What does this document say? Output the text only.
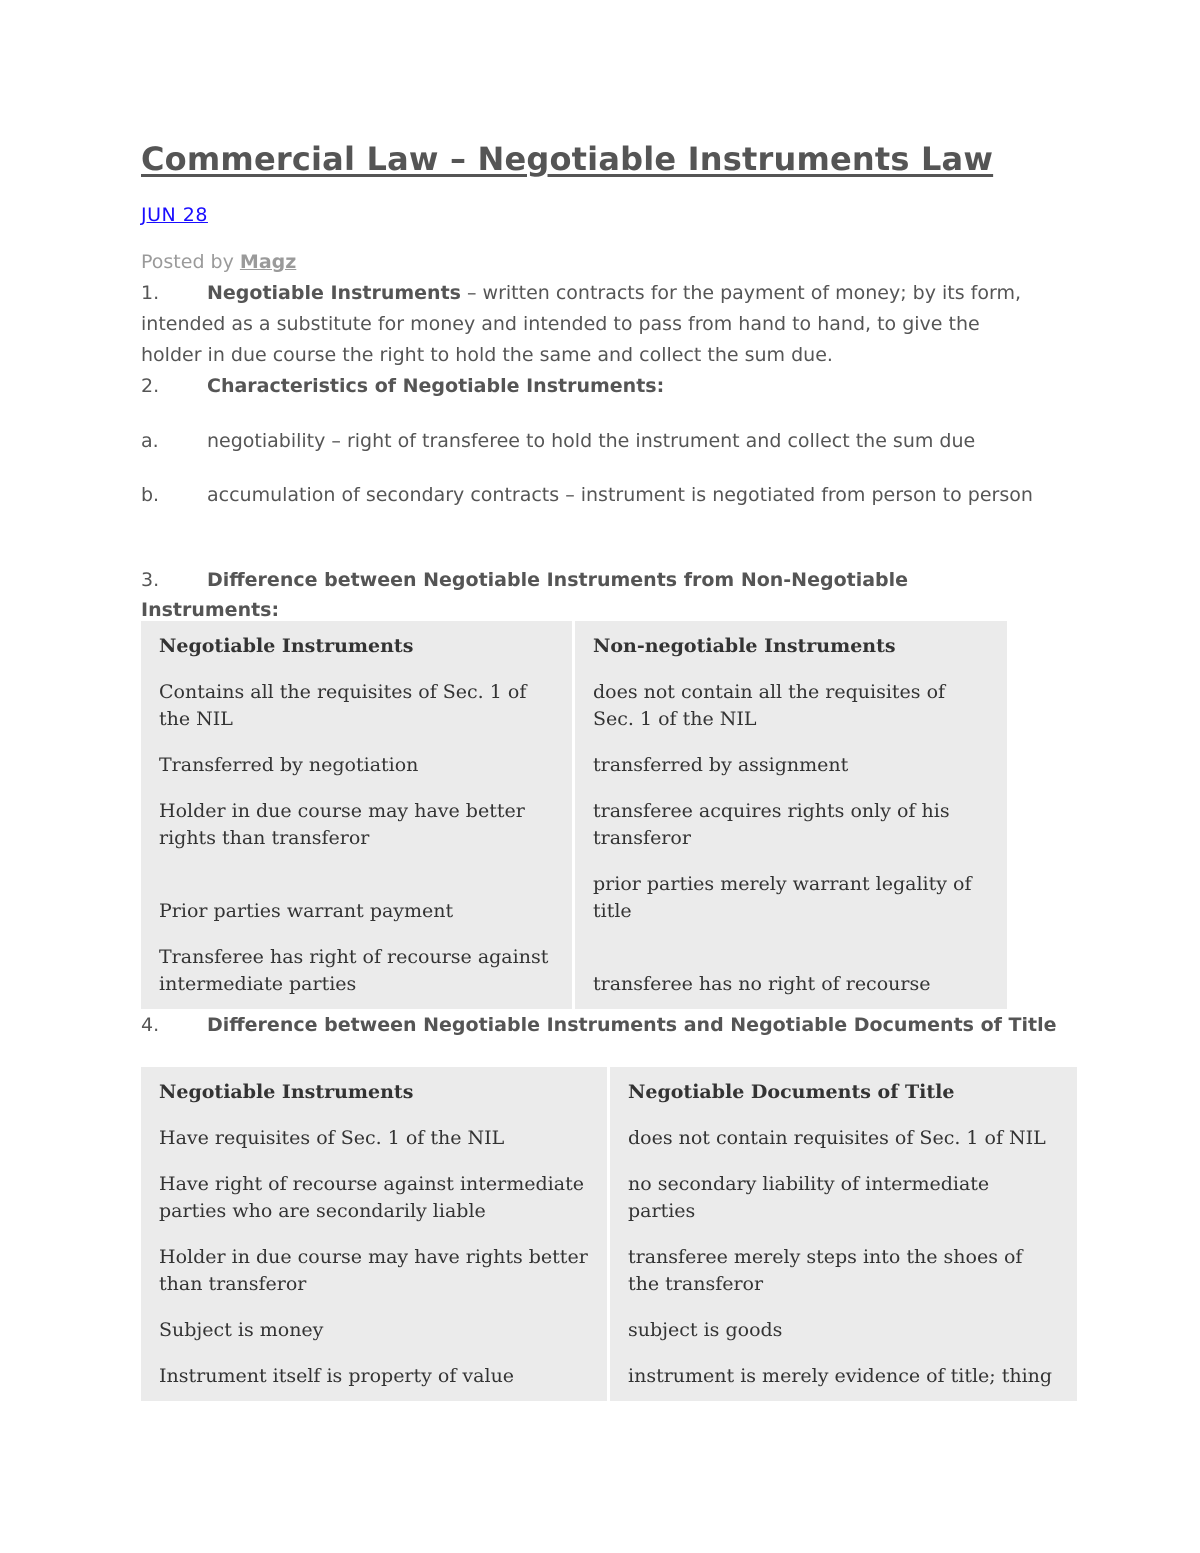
Commercial Law – Negotiable Instruments Law
JUN 28
Posted by Magz
1.	Negotiable Instruments – written contracts for the payment of money; by its form, intended as a substitute for money and intended to pass from hand to hand, to give the holder in due course the right to hold the same and collect the sum due.
2.	Characteristics of Negotiable Instruments:
a.	negotiability – right of transferee to hold the instrument and collect the sum due
b.	accumulation of secondary contracts – instrument is negotiated from person to person
3.	Difference between Negotiable Instruments from Non-Negotiable Instruments:
Negotiable Instruments	Non-negotiable Instruments

Contains all the requisites of Sec. 1 of the NIL	does not contain all the requisites of Sec. 1 of the NIL

Transferred by negotiation	transferred by assignment

Holder in due course may have better rights than transferor	transferee acquires rights only of his transferor

Prior parties warrant payment	prior parties merely warrant legality of title

Transferee has right of recourse against intermediate parties	transferee has no right of recourse
4.	Difference between Negotiable Instruments and Negotiable Documents of Title
Negotiable Instruments	Negotiable Documents of Title

Have requisites of Sec. 1 of the NIL	does not contain requisites of Sec. 1 of NIL

Have right of recourse against intermediate parties who are secondarily liable	no secondary liability of intermediate parties

Holder in due course may have rights better than transferor	transferee merely steps into the shoes of the transferor

Subject is money	subject is goods

Instrument itself is property of value	instrument is merely evidence of title; thing
